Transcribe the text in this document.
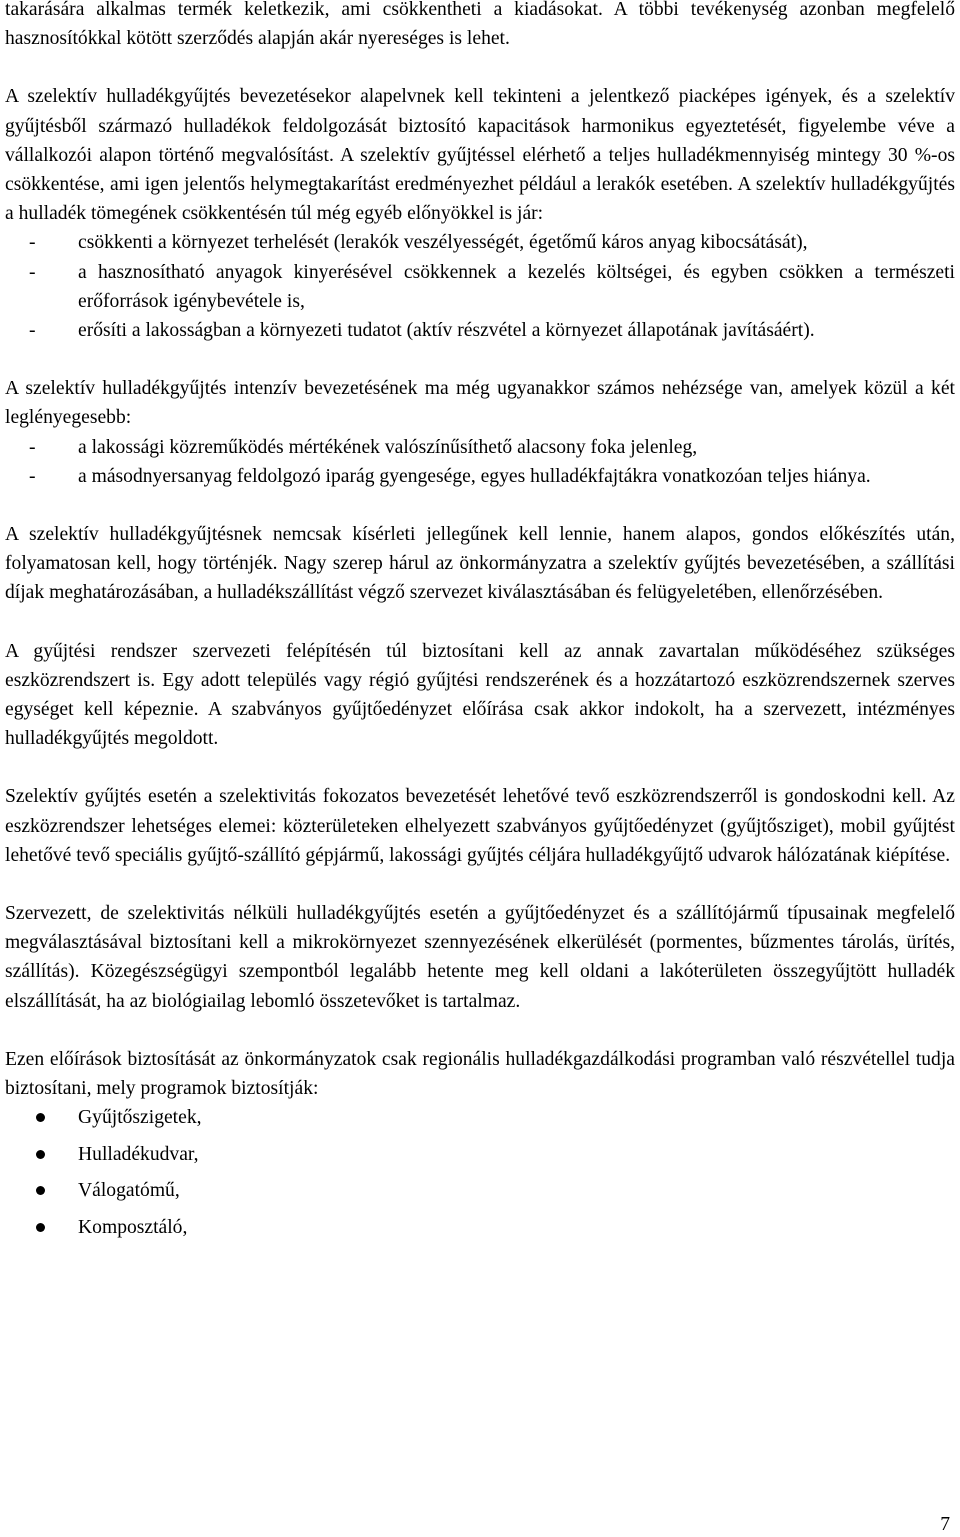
takarására alkalmas termék keletkezik, ami csökkentheti a kiadásokat. A többi tevékenység azonban megfelelő hasznosítókkal kötött szerződés alapján akár nyereséges is lehet.

A szelektív hulladékgyűjtés bevezetésekor alapelvnek kell tekinteni a jelentkező piacképes igények, és a szelektív gyűjtésből származó hulladékok feldolgozását biztosító kapacitások harmonikus egyeztetését, figyelembe véve a vállalkozói alapon történő megvalósítást. A szelektív gyűjtéssel elérhető a teljes hulladékmennyiség mintegy 30 %-os csökkentése, ami igen jelentős helymegtakarítást eredményezhet például a lerakók esetében. A szelektív hulladékgyűjtés a hulladék tömegének csökkentésén túl még egyéb előnyökkel is jár:

- csökkenti a környezet terhelését (lerakók veszélyességét, égetőmű káros anyag kibocsátását),
- a hasznosítható anyagok kinyerésével csökkennek a kezelés költségei, és egyben csökken a természeti erőforrások igénybevétele is,
- erősíti a lakosságban a környezeti tudatot (aktív részvétel a környezet állapotának javításáért).

A szelektív hulladékgyűjtés intenzív bevezetésének ma még ugyanakkor számos nehézsége van, amelyek közül a két leglényegesebb:

- a lakossági közreműködés mértékének valószínűsíthető alacsony foka jelenleg,
- a másodnyersanyag feldolgozó iparág gyengesége, egyes hulladékfajtákra vonatkozóan teljes hiánya.

A szelektív hulladékgyűjtésnek nemcsak kísérleti jellegűnek kell lennie, hanem alapos, gondos előkészítés után, folyamatosan kell, hogy történjék. Nagy szerep hárul az önkormányzatra a szelektív gyűjtés bevezetésében, a szállítási díjak meghatározásában, a hulladékszállítást végző szervezet kiválasztásában és felügyeletében, ellenőrzésében.

A gyűjtési rendszer szervezeti felépítésén túl biztosítani kell az annak zavartalan működéséhez szükséges eszközrendszert is. Egy adott település vagy régió gyűjtési rendszerének és a hozzátartozó eszközrendszernek szerves egységet kell képeznie. A szabványos gyűjtőedényzet előírása csak akkor indokolt, ha a szervezett, intézményes hulladékgyűjtés megoldott.

Szelektív gyűjtés esetén a szelektivitás fokozatos bevezetését lehetővé tevő eszközrendszerről is gondoskodni kell. Az eszközrendszer lehetséges elemei: közterületeken elhelyezett szabványos gyűjtőedényzet (gyűjtősziget), mobil gyűjtést lehetővé tevő speciális gyűjtő-szállító gépjármű, lakossági gyűjtés céljára hulladékgyűjtő udvarok hálózatának kiépítése.

Szervezett, de szelektivitás nélküli hulladékgyűjtés esetén a gyűjtőedényzet és a szállítójármű típusainak megfelelő megválasztásával biztosítani kell a mikrokörnyezet szennyezésének elkerülését (pormentes, bűzmentes tárolás, ürítés, szállítás). Közegészségügyi szempontból legalább hetente meg kell oldani a lakóterületen összegyűjtött hulladék elszállítását, ha az biológiailag lebomló összetevőket is tartalmaz.

Ezen előírások biztosítását az önkormányzatok csak regionális hulladékgazdálkodási programban való részvétellel tudja biztosítani, mely programok biztosítják:

Gyűjtőszigetek,
Hulladékudvar,
Válogatómű,
Komposztáló,
7
